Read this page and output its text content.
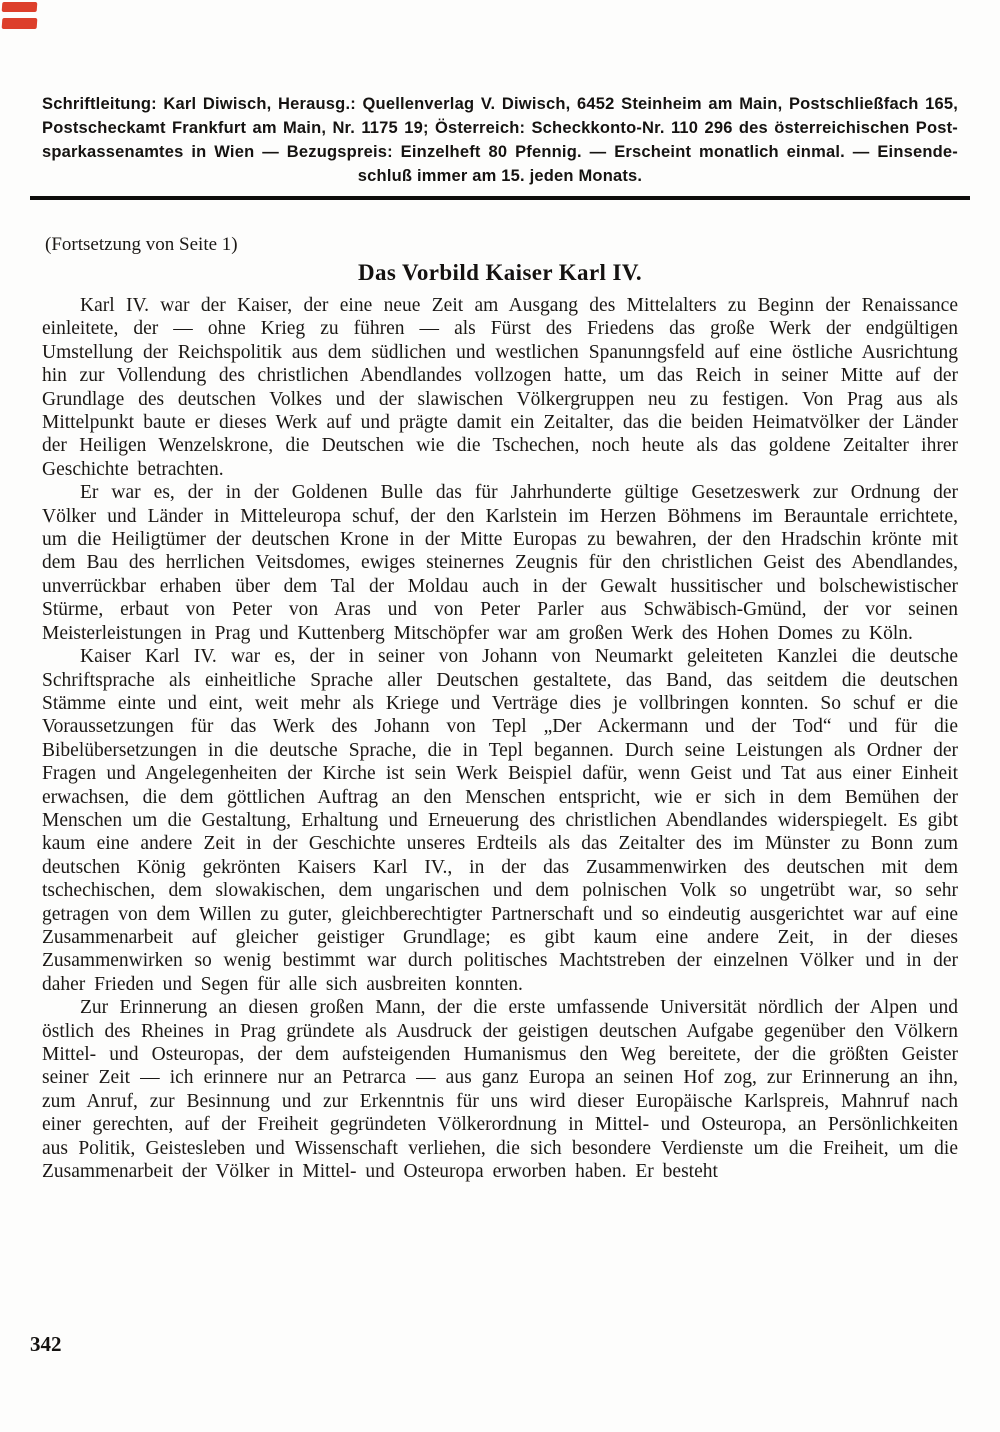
Schriftleitung: Karl Diwisch, Herausg.: Quellenverlag V. Diwisch, 6452 Steinheim am Main, Postschließfach 165,
Postscheckamt Frankfurt am Main, Nr. 1175 19; Österreich: Scheckkonto-Nr. 110 296 des österreichischen Post-
sparkassenamtes in Wien — Bezugspreis: Einzelheft 80 Pfennig. — Erscheint monatlich einmal. — Einsende-
schluß immer am 15. jeden Monats.
(Fortsetzung von Seite 1)
Das Vorbild Kaiser Karl IV.

Karl IV. war der Kaiser, der eine neue Zeit am Ausgang des Mittelalters zu Beginn der Renaissance einleitete, der — ohne Krieg zu führen — als Fürst des Friedens das große Werk der endgültigen Umstellung der Reichspolitik aus dem südlichen und westlichen Spanunngsfeld auf eine östliche Ausrichtung hin zur Vollendung des christlichen Abendlandes vollzogen hatte, um das Reich in seiner Mitte auf der Grundlage des deutschen Volkes und der slawischen Völkergruppen neu zu festigen. Von Prag aus als Mittelpunkt baute er dieses Werk auf und prägte damit ein Zeitalter, das die beiden Heimatvölker der Länder der Heiligen Wenzelskrone, die Deutschen wie die Tschechen, noch heute als das goldene Zeitalter ihrer Geschichte betrachten.

Er war es, der in der Goldenen Bulle das für Jahrhunderte gültige Gesetzeswerk zur Ordnung der Völker und Länder in Mitteleuropa schuf, der den Karlstein im Herzen Böhmens im Berauntale errichtete, um die Heiligtümer der deutschen Krone in der Mitte Europas zu bewahren, der den Hradschin krönte mit dem Bau des herrlichen Veitsdomes, ewiges steinernes Zeugnis für den christlichen Geist des Abendlandes, unverrückbar erhaben über dem Tal der Moldau auch in der Gewalt hussitischer und bolschewistischer Stürme, erbaut von Peter von Aras und von Peter Parler aus Schwäbisch-Gmünd, der vor seinen Meisterleistungen in Prag und Kuttenberg Mitschöpfer war am großen Werk des Hohen Domes zu Köln.

Kaiser Karl IV. war es, der in seiner von Johann von Neumarkt geleiteten Kanzlei die deutsche Schriftsprache als einheitliche Sprache aller Deutschen gestaltete, das Band, das seitdem die deutschen Stämme einte und eint, weit mehr als Kriege und Verträge dies je vollbringen konnten. So schuf er die Voraussetzungen für das Werk des Johann von Tepl „Der Ackermann und der Tod“ und für die Bibelübersetzungen in die deutsche Sprache, die in Tepl begannen. Durch seine Leistungen als Ordner der Fragen und Angelegenheiten der Kirche ist sein Werk Beispiel dafür, wenn Geist und Tat aus einer Einheit erwachsen, die dem göttlichen Auftrag an den Menschen entspricht, wie er sich in dem Bemühen der Menschen um die Gestaltung, Erhaltung und Erneuerung des christlichen Abendlandes widerspiegelt. Es gibt kaum eine andere Zeit in der Geschichte unseres Erdteils als das Zeitalter des im Münster zu Bonn zum deutschen König gekrönten Kaisers Karl IV., in der das Zusammenwirken des deutschen mit dem tschechischen, dem slowakischen, dem ungarischen und dem polnischen Volk so ungetrübt war, so sehr getragen von dem Willen zu guter, gleichberechtigter Partnerschaft und so eindeutig ausgerichtet war auf eine Zusammenarbeit auf gleicher geistiger Grundlage; es gibt kaum eine andere Zeit, in der dieses Zusammenwirken so wenig bestimmt war durch politisches Machtstreben der einzelnen Völker und in der daher Frieden und Segen für alle sich ausbreiten konnten.

Zur Erinnerung an diesen großen Mann, der die erste umfassende Universität nördlich der Alpen und östlich des Rheines in Prag gründete als Ausdruck der geistigen deutschen Aufgabe gegenüber den Völkern Mittel- und Osteuropas, der dem aufsteigenden Humanismus den Weg bereitete, der die größten Geister seiner Zeit — ich erinnere nur an Petrarca — aus ganz Europa an seinen Hof zog, zur Erinnerung an ihn, zum Anruf, zur Besinnung und zur Erkenntnis für uns wird dieser Europäische Karlspreis, Mahnruf nach einer gerechten, auf der Freiheit gegründeten Völkerordnung in Mittel- und Osteuropa, an Persönlichkeiten aus Politik, Geistesleben und Wissenschaft verliehen, die sich besondere Verdienste um die Freiheit, um die Zusammenarbeit der Völker in Mittel- und Osteuropa erworben haben. Er besteht

342
